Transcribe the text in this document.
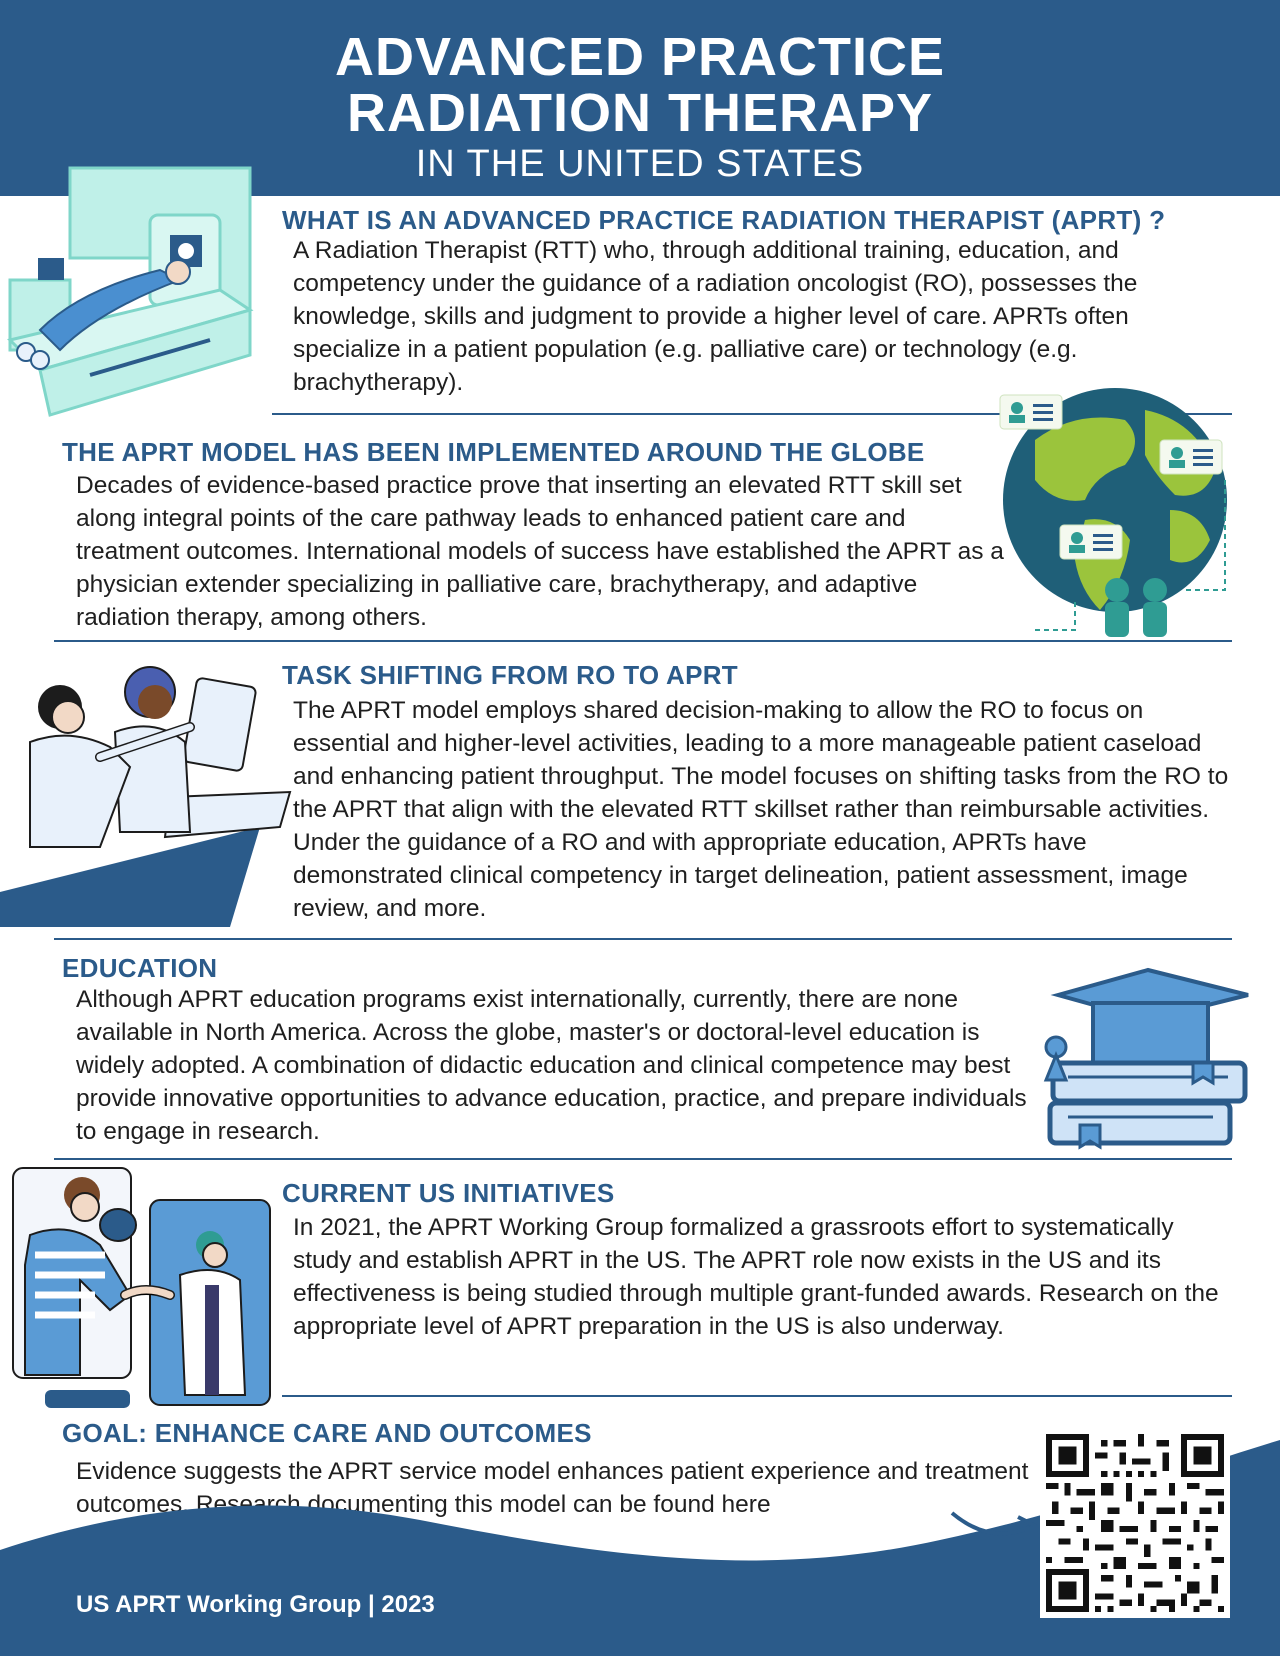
ADVANCED PRACTICE
RADIATION THERAPY
IN THE UNITED STATES
WHAT IS AN ADVANCED PRACTICE RADIATION THERAPIST (APRT) ?
A Radiation Therapist (RTT) who, through additional training, education, and competency under the guidance of a radiation oncologist (RO), possesses the knowledge, skills and judgment to provide a higher level of care. APRTs often specialize in a patient population (e.g. palliative care) or technology (e.g. brachytherapy).
THE APRT MODEL HAS BEEN IMPLEMENTED AROUND THE GLOBE
Decades of evidence-based practice prove that inserting an elevated RTT skill set along integral points of the care pathway leads to enhanced patient care and treatment outcomes. International models of success have established the APRT as a physician extender specializing in palliative care, brachytherapy, and adaptive radiation therapy, among others.
TASK SHIFTING FROM RO TO APRT
The APRT model employs shared decision-making to allow the RO to focus on essential and higher-level activities, leading to a more manageable patient caseload and enhancing patient throughput. The model focuses on shifting tasks from the RO to the APRT that align with the elevated RTT skillset rather than reimbursable activities. Under the guidance of a RO and with appropriate education, APRTs have demonstrated clinical competency in target delineation, patient assessment, image review, and more.
EDUCATION
Although APRT education programs exist internationally, currently, there are none available in North America. Across the globe, master's or doctoral-level education is widely adopted. A combination of didactic education and clinical competence may best provide innovative opportunities to advance education, practice, and prepare individuals to engage in research.
CURRENT US INITIATIVES
In 2021, the APRT Working Group formalized a grassroots effort to systematically study and establish APRT in the US. The APRT role now exists in the US and its effectiveness is being studied through multiple grant-funded awards. Research on the appropriate level of APRT preparation in the US is also underway.
GOAL: ENHANCE CARE AND OUTCOMES
Evidence suggests the APRT service model enhances patient experience and treatment outcomes. Research documenting this model can be found here
US APRT Working Group | 2023
